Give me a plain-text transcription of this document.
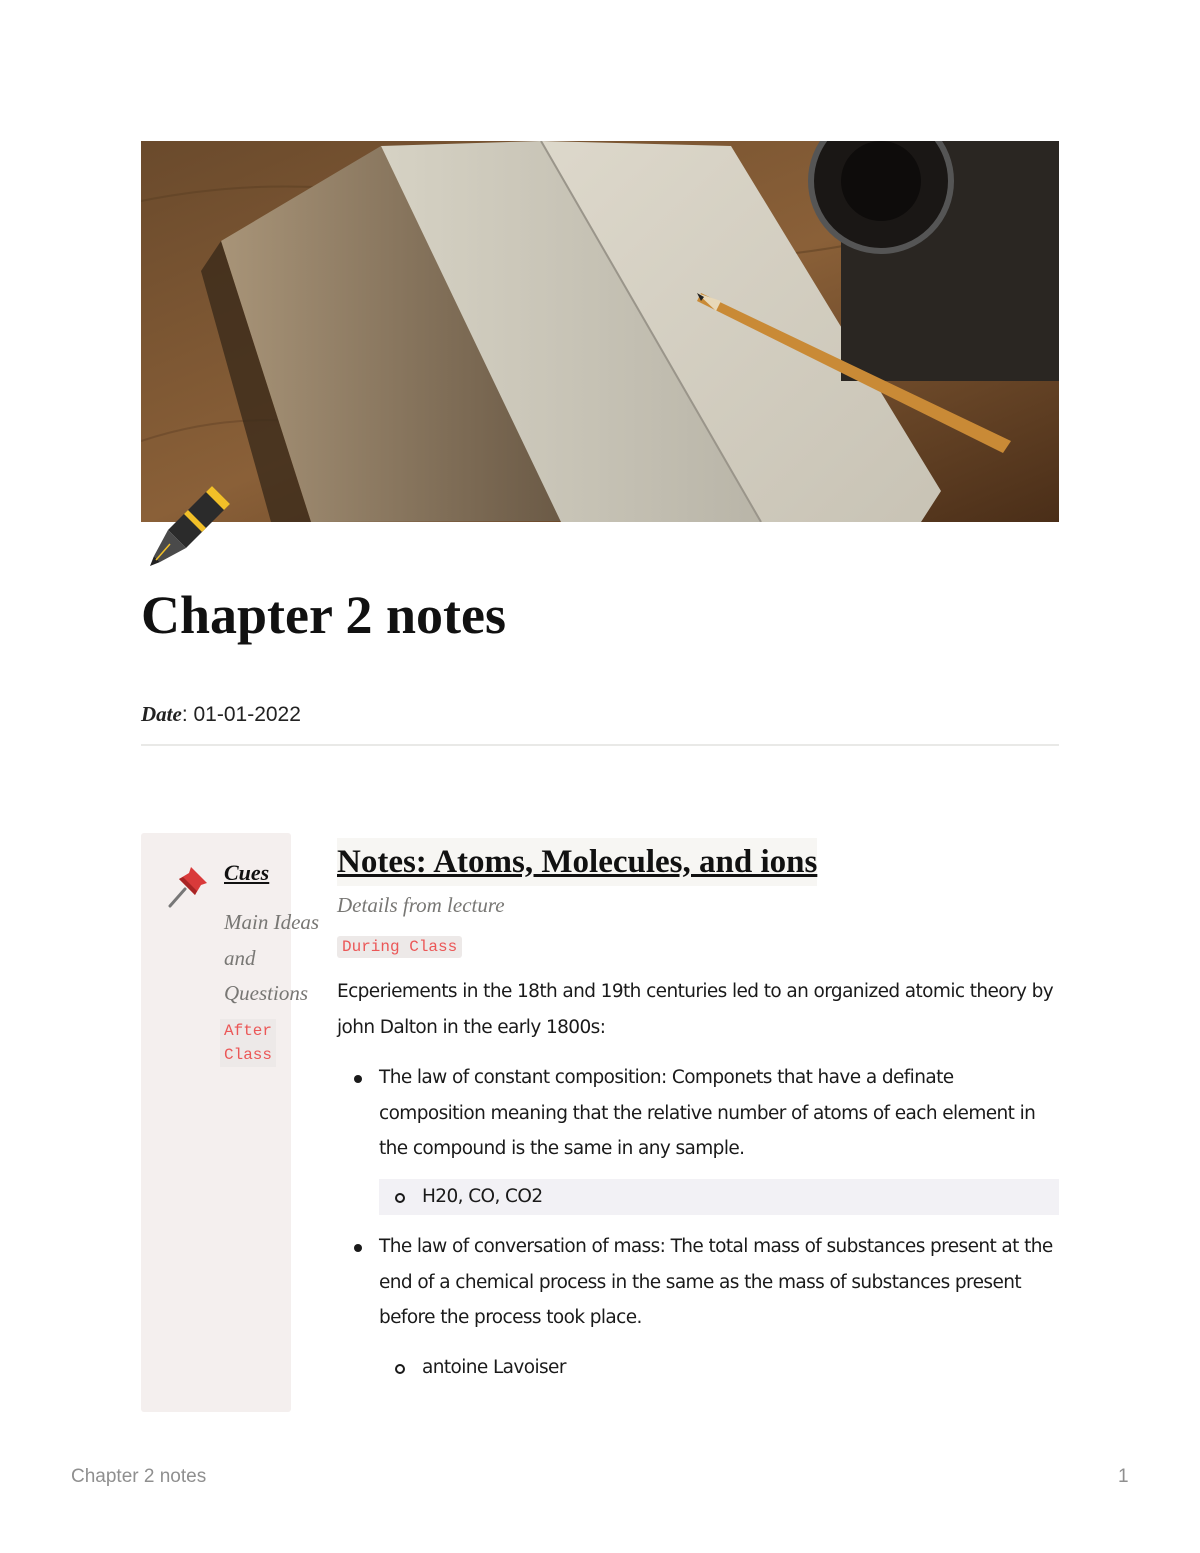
Chapter 2 notes
Date: 01-01-2022
Cues
Main Ideas and Questions
After
Class
Notes: Atoms, Molecules, and ions
Details from lecture
During Class
Ecperiements in the 18th and 19th centuries led to an organized atomic theory by john Dalton in the early 1800s:
The law of constant composition: Componets that have a definate composition meaning that the relative number of atoms of each element in the compound is the same in any sample.
H20, CO, CO2
The law of conversation of mass: The total mass of substances present at the end of a chemical process in the same as the mass of substances present before the process took place.
antoine Lavoiser
Chapter 2 notes	1
